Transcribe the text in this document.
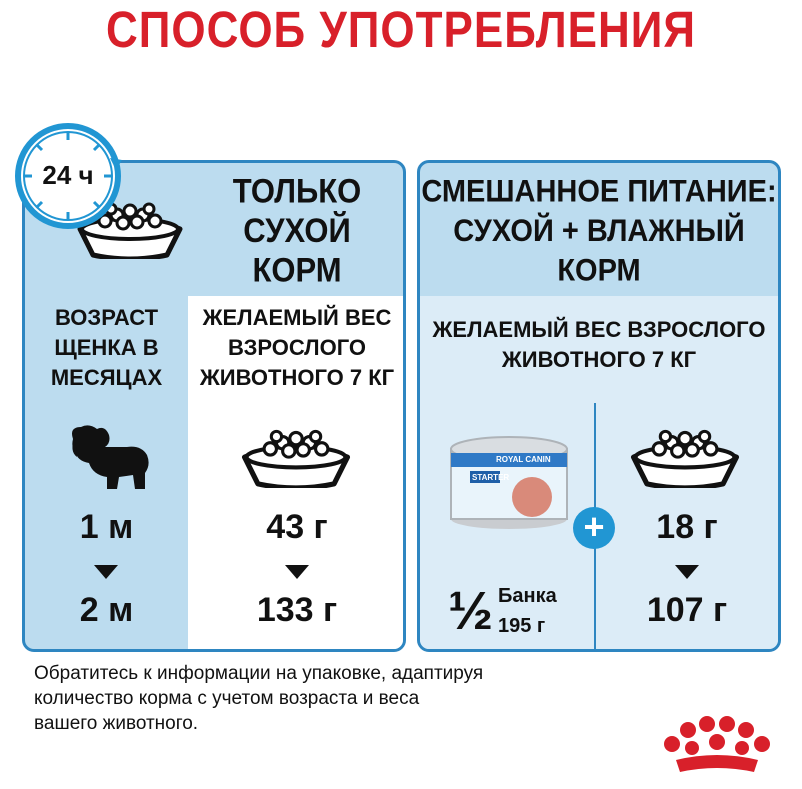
СПОСОБ УПОТРЕБЛЕНИЯ
ТОЛЬКО
СУХОЙ
КОРМ
ВОЗРАСТ
ЩЕНКА В
МЕСЯЦАХ
ЖЕЛАЕМЫЙ ВЕС
ВЗРОСЛОГО
ЖИВОТНОГО 7 КГ
1 м
2 м
43 г
133 г
24 ч	СМЕШАННОЕ ПИТАНИЕ:
СУХОЙ + ВЛАЖНЫЙ
КОРМ
ЖЕЛАЕМЫЙ ВЕС ВЗРОСЛОГО
ЖИВОТНОГО 7 КГ
ROYAL CANIN
STARTER
+
½ Банка
195 г
18 г
107 г
Обратитесь к информации на упаковке, адаптируя
количество корма с учетом возраста и веса
вашего животного.
